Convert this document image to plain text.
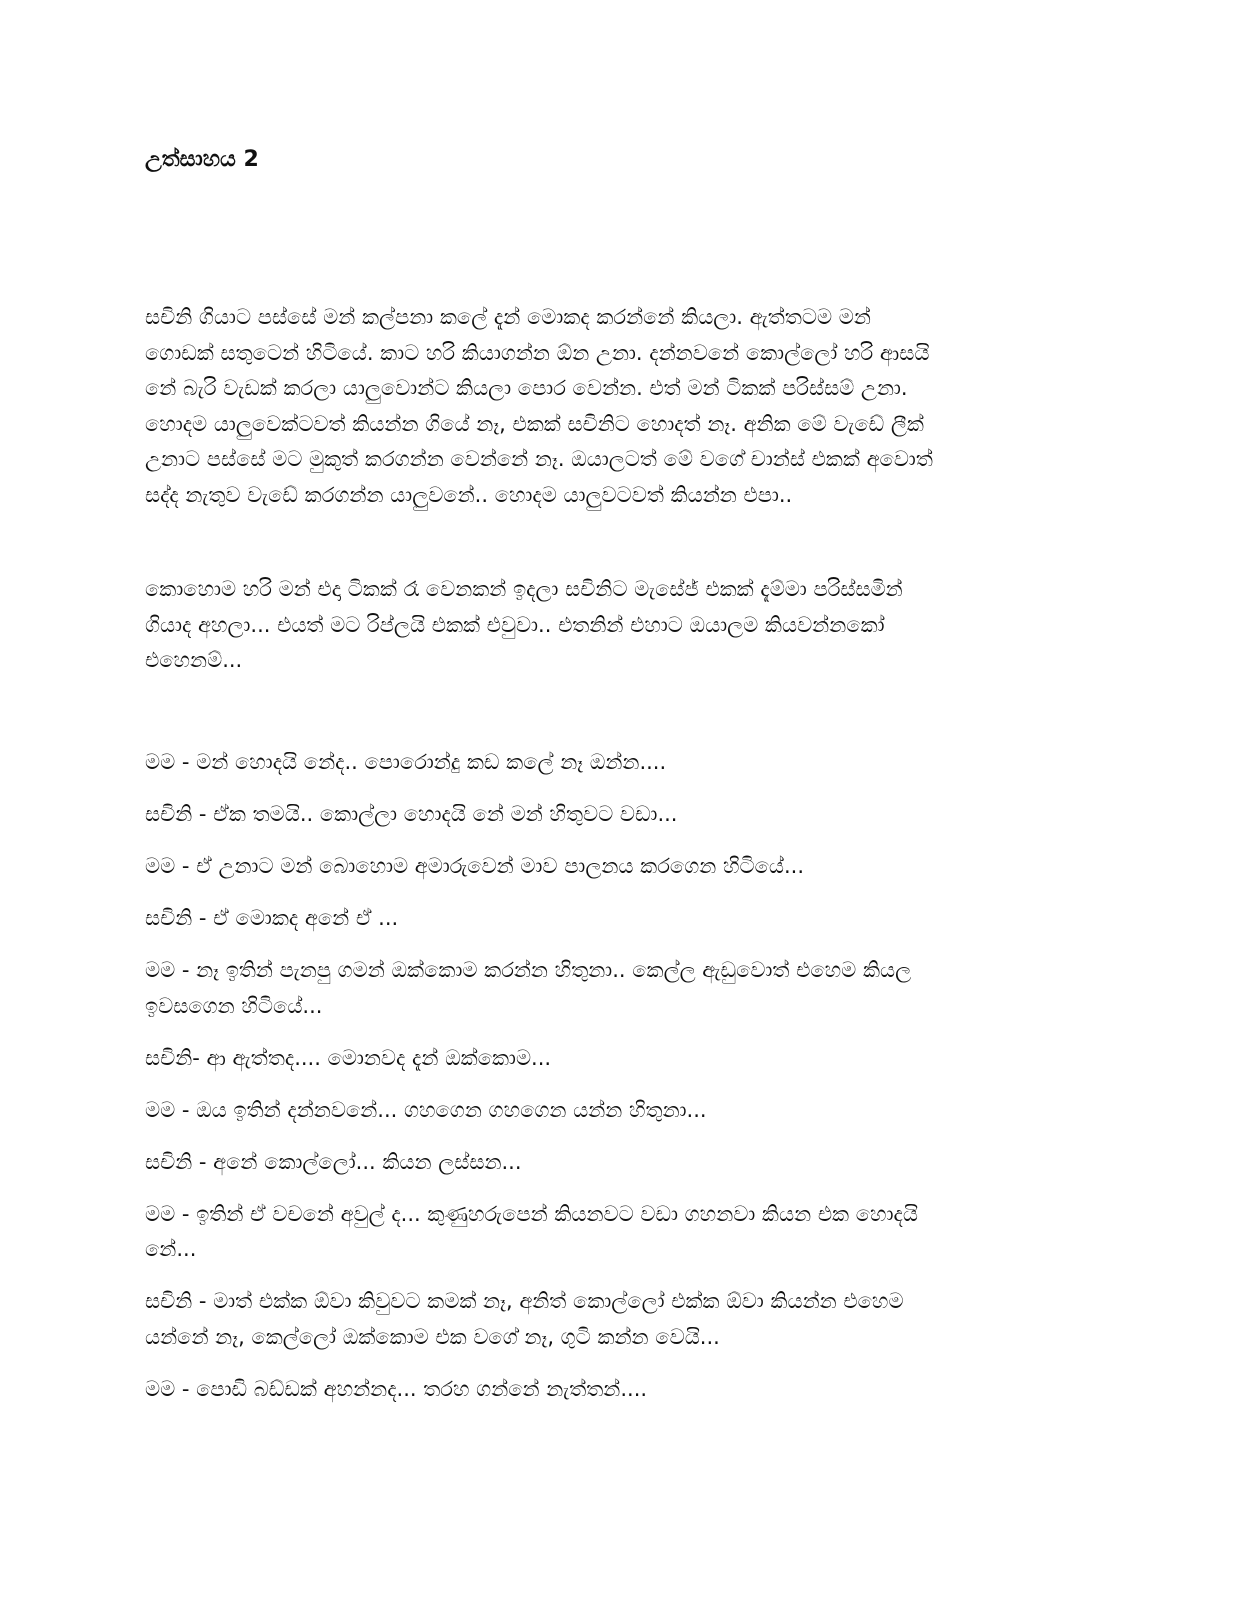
උත්සාහය 2

සචිනි ගියාට පස්සේ මන් කල්පනා කලේ දැන් මොකද කරන්නේ කියලා. ඇත්තටම මන්
ගොඩක් සතුටෙන් හිටියේ. කාට හරි කියාගන්න ඕන උනා. දන්නවනේ කොල්ලෝ හරි ආසයි
නේ බැරි වැඩක් කරලා යාලුවොන්ට කියලා පොර වෙන්න. එත් මන් ටිකක් පරිස්සම් උනා.
හොදම යාලුවෙක්ටවත් කියන්න ගියේ නෑ, එකක් සචිනිට හොදත් නෑ. අනික මේ වැඩේ ලීක්
උනාට පස්සේ මට මුකුත් කරගන්න වෙන්නේ නෑ. ඔයාලටත් මේ වගේ චාන්ස් එකක් අවොත්
සද්ද නැතුව වැඩේ කරගන්න යාලුවනේ.. හොදම යාලුවටවත් කියන්න එපා..

කොහොම හරි මන් එදා ටිකක් රෑ වෙනකන් ඉදලා සචිනිට මැසේජ් එකක් දැම්මා පරිස්සමින්
ගියාද අහලා... එයත් මට රිප්ලයි එකක් එවුවා.. එතනින් එහාට ඔයාලම කියවන්නකෝ
එහෙනම්...

මම - මන් හොදයි නේද.. පොරොන්දු කඩ කලේ නෑ ඔන්න....
සචිනි - ඒක තමයි.. කොල්ලා හොදයි නේ මන් හිතුවට වඩා...
මම - ඒ උනාට මන් බොහොම අමාරුවෙන් මාව පාලනය කරගෙන හිටියේ...
සචිනි - ඒ මොකද අනේ ඒ ...
මම - නෑ ඉතින් පැනපු ගමන් ඔක්කොම කරන්න හිතුනා.. කෙල්ල ඇඩුවොත් එහෙම කියල
ඉවසගෙන හිටියේ...
සචිනි- ආ ඇත්තද.... මොනවද දැන් ඔක්කොම...
මම - ඔය ඉතින් දන්නවනේ... ගහගෙන ගහගෙන යන්න හිතුනා...
සචිනි - අනේ කොල්ලෝ... කියන ලස්සන...
මම - ඉතින් ඒ වචනේ අවුල් ද... කුණුහරුපෙන් කියනවට වඩා ගහනවා කියන එක හොදයි
නේ...
සචිනි - මාත් එක්ක ඕවා කිවුවට කමක් නෑ, අනිත් කොල්ලෝ එක්ක ඕවා කියන්න එහෙම
යන්නේ නෑ, කෙල්ලෝ ඔක්කොම එක වගේ නෑ, ගුටි කන්න වෙයි...
මම - පොඩි බඩ්ඩක් අහන්නද... තරහ ගන්නේ නැත්තන්....
